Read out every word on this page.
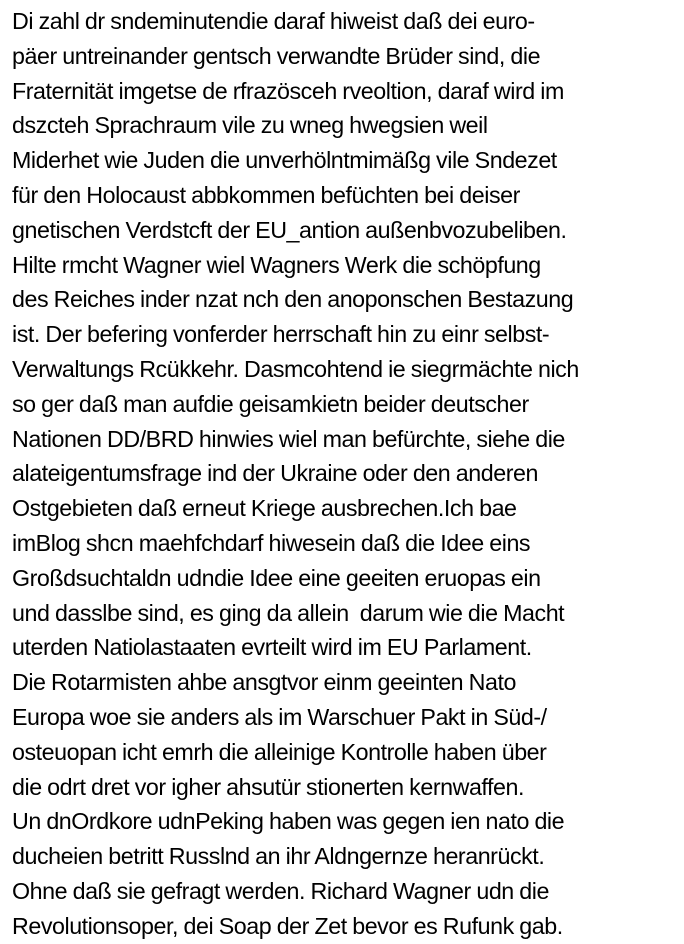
Di zahl dr sndeminutendie daraf hiweist daß dei euro-
päer untreinander gentsch verwandte Brüder sind, die
Fraternität imgetse de rfrazösceh rveoltion, daraf wird im
dszcteh Sprachraum vile zu wneg hwegsien weil
Miderhet wie Juden die unverhölntmimäßg vile Sndezet
für den Holocaust abbkommen befüchten bei deiser
gnetischen Verdstcft der EU_antion außenbvozubeliben.
Hilte rmcht Wagner wiel Wagners Werk die schöpfung
des Reiches inder nzat nch den anoponschen Bestazung
ist. Der befering vonferder herrschaft hin zu einr selbst-
Verwaltungs Rcükkehr. Dasmcohtend ie siegrmächte nich
so ger daß man aufdie geisamkietn beider deutscher
Nationen DD/BRD hinwies wiel man befürchte, siehe die
alateigentumsfrage ind der Ukraine oder den anderen
Ostgebieten daß erneut Kriege ausbrechen.Ich bae
imBlog shcn maehfchdarf hiwesein daß die Idee eins
Großdsuchtaldn udndie Idee eine geeiten eruopas ein
und dasslbe sind, es ging da allein  darum wie die Macht
uterden Natiolastaaten evrteilt wird im EU Parlament.
Die Rotarmisten ahbe ansgtvor einm geeinten Nato
Europa woe sie anders als im Warschuer Pakt in Süd-/
osteuopan icht emrh die alleinige Kontrolle haben über
die odrt dret vor igher ahsutür stionerten kernwaffen.
Un dnOrdkore udnPeking haben was gegen ien nato die
ducheien betritt Russlnd an ihr Aldngernze heranrückt.
Ohne daß sie gefragt werden. Richard Wagner udn die
Revolutionsoper, dei Soap der Zet bevor es Rufunk gab.
